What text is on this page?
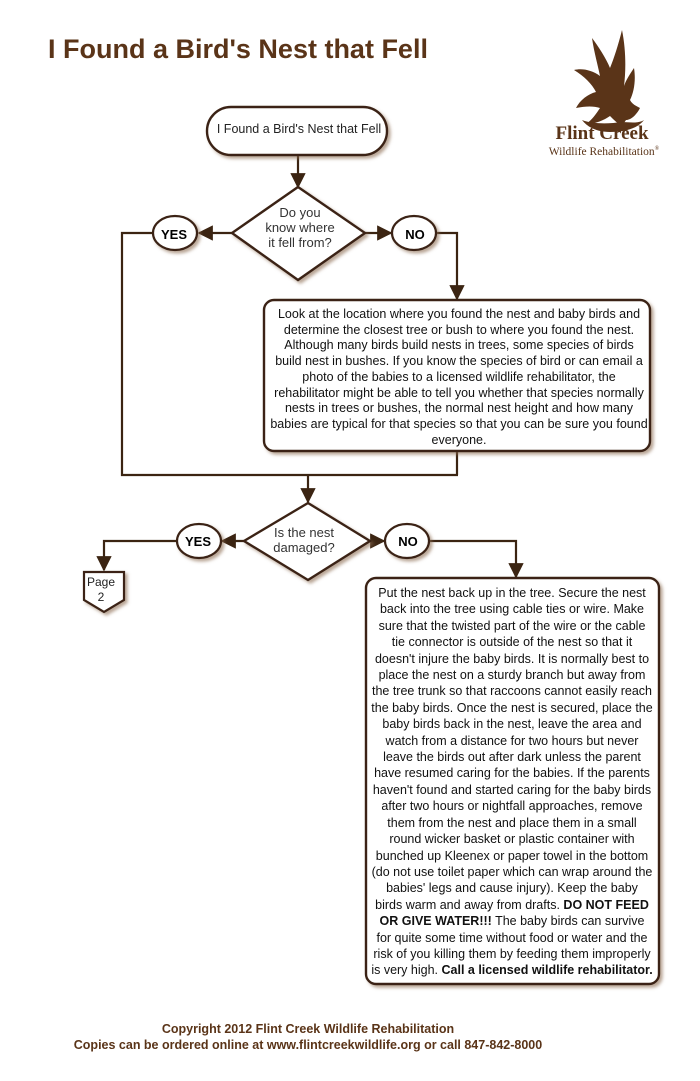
I Found a Bird's Nest that Fell
Flint Creek
Wildlife Rehabilitation®
I Found a Bird's Nest that Fell
Do you
know where
it fell from?
YES	NO
Look at the location where you found the nest and baby birds and determine the closest tree or bush to where you found the nest. Although many birds build nests in trees, some species of birds build nest in bushes. If you know the species of bird or can email a photo of the babies to a licensed wildlife rehabilitator, the rehabilitator might be able to tell you whether that species normally nests in trees or bushes, the normal nest height and how many babies are typical for that species so that you can be sure you found everyone.
Is the nest
damaged?
YES	NO
Page
2	Put the nest back up in the tree. Secure the nest back into the tree using cable ties or wire. Make sure that the twisted part of the wire or the cable tie connector is outside of the nest so that it doesn't injure the baby birds. It is normally best to place the nest on a sturdy branch but away from the tree trunk so that raccoons cannot easily reach the baby birds. Once the nest is secured, place the baby birds back in the nest, leave the area and watch from a distance for two hours but never leave the birds out after dark unless the parent have resumed caring for the babies. If the parents haven't found and started caring for the baby birds after two hours or nightfall approaches, remove them from the nest and place them in a small round wicker basket or plastic container with bunched up Kleenex or paper towel in the bottom (do not use toilet paper which can wrap around the babies' legs and cause injury). Keep the baby birds warm and away from drafts. DO NOT FEED OR GIVE WATER!!! The baby birds can survive for quite some time without food or water and the risk of you killing them by feeding them improperly is very high. Call a licensed wildlife rehabilitator.
Copyright 2012 Flint Creek Wildlife Rehabilitation
Copies can be ordered online at www.flintcreekwildlife.org or call 847-842-8000
